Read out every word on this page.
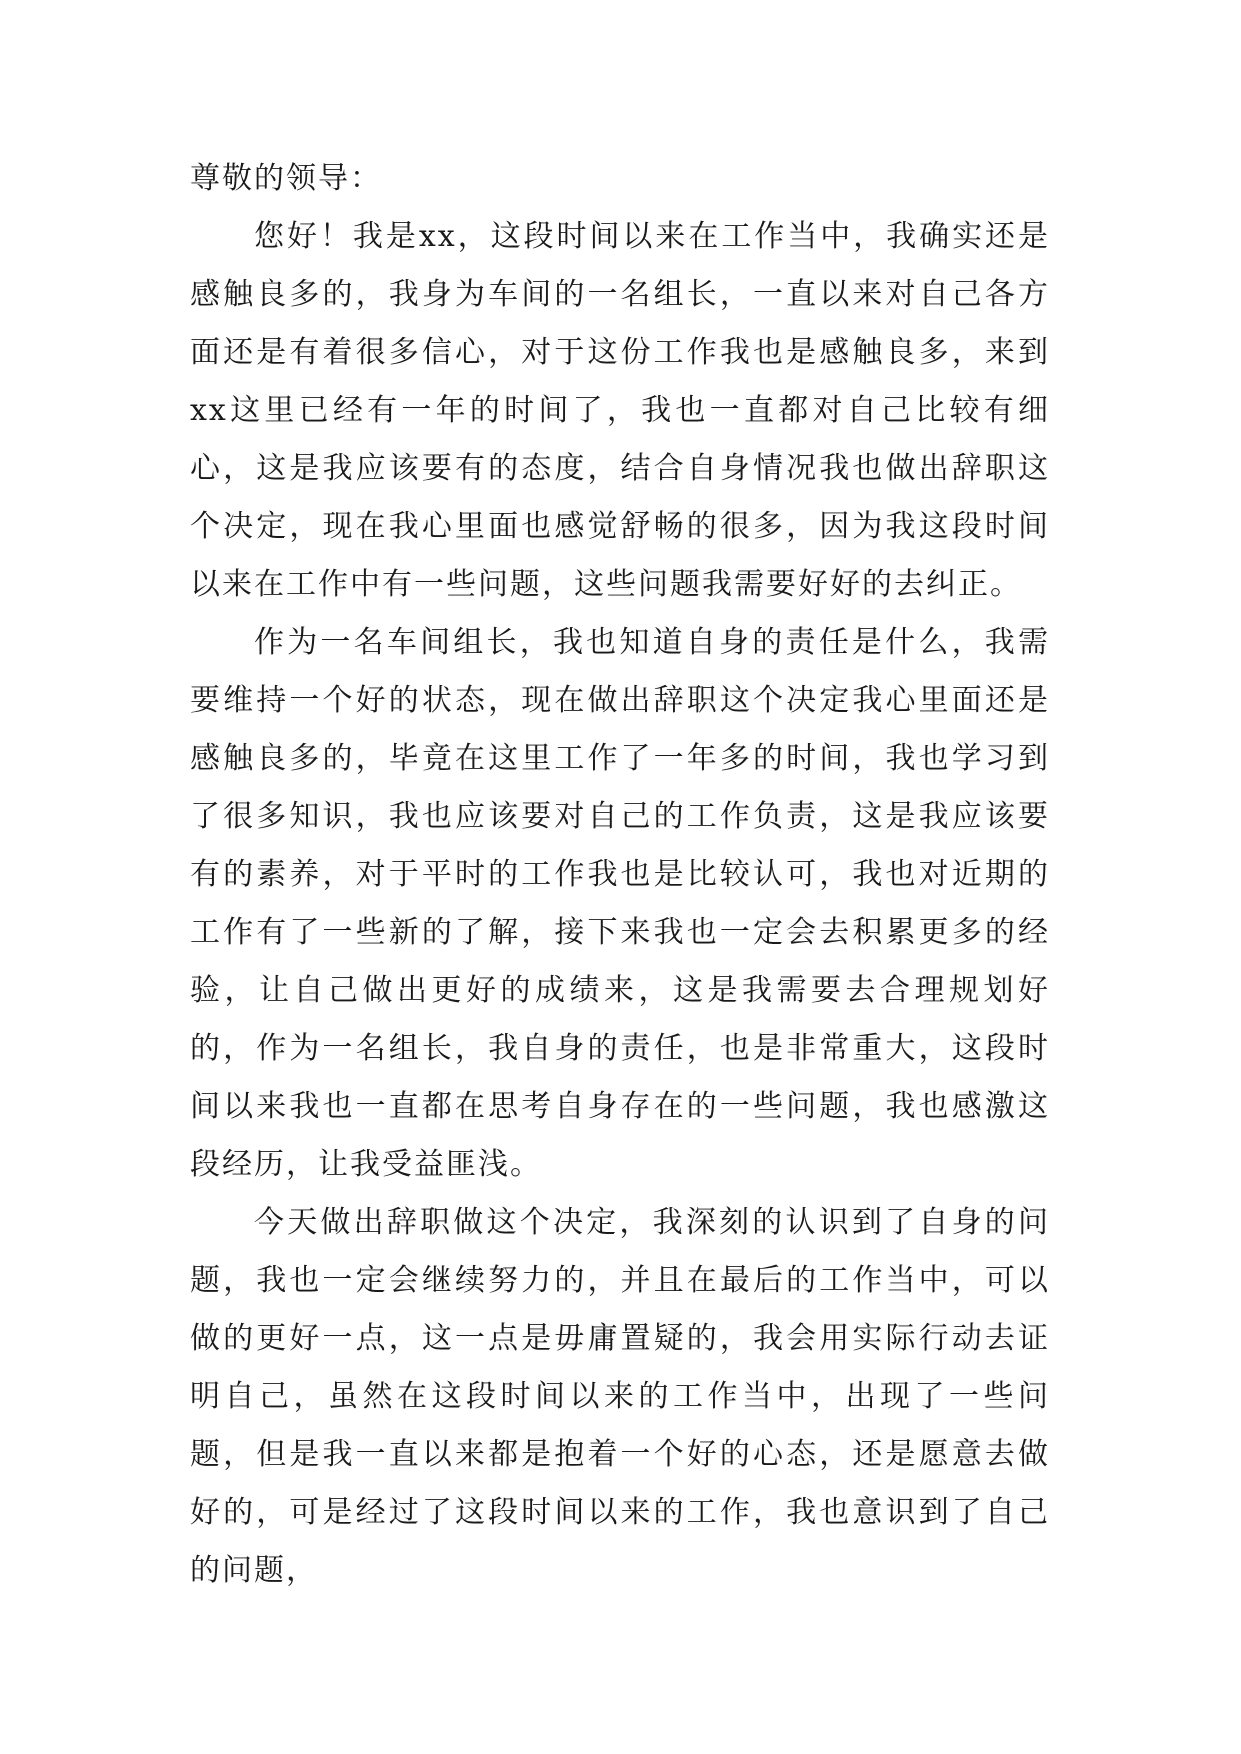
尊敬的领导：

您好！我是xx，这段时间以来在工作当中，我确实还是感触良多的，我身为车间的一名组长，一直以来对自己各方面还是有着很多信心，对于这份工作我也是感触良多，来到xx这里已经有一年的时间了，我也一直都对自己比较有细心，这是我应该要有的态度，结合自身情况我也做出辞职这个决定，现在我心里面也感觉舒畅的很多，因为我这段时间以来在工作中有一些问题，这些问题我需要好好的去纠正。

作为一名车间组长，我也知道自身的责任是什么，我需要维持一个好的状态，现在做出辞职这个决定我心里面还是感触良多的，毕竟在这里工作了一年多的时间，我也学习到了很多知识，我也应该要对自己的工作负责，这是我应该要有的素养，对于平时的工作我也是比较认可，我也对近期的工作有了一些新的了解，接下来我也一定会去积累更多的经验，让自己做出更好的成绩来，这是我需要去合理规划好的，作为一名组长，我自身的责任，也是非常重大，这段时间以来我也一直都在思考自身存在的一些问题，我也感激这段经历，让我受益匪浅。

今天做出辞职做这个决定，我深刻的认识到了自身的问题，我也一定会继续努力的，并且在最后的工作当中，可以做的更好一点，这一点是毋庸置疑的，我会用实际行动去证明自己，虽然在这段时间以来的工作当中，出现了一些问题，但是我一直以来都是抱着一个好的心态，还是愿意去做好的，可是经过了这段时间以来的工作，我也意识到了自己的问题，
